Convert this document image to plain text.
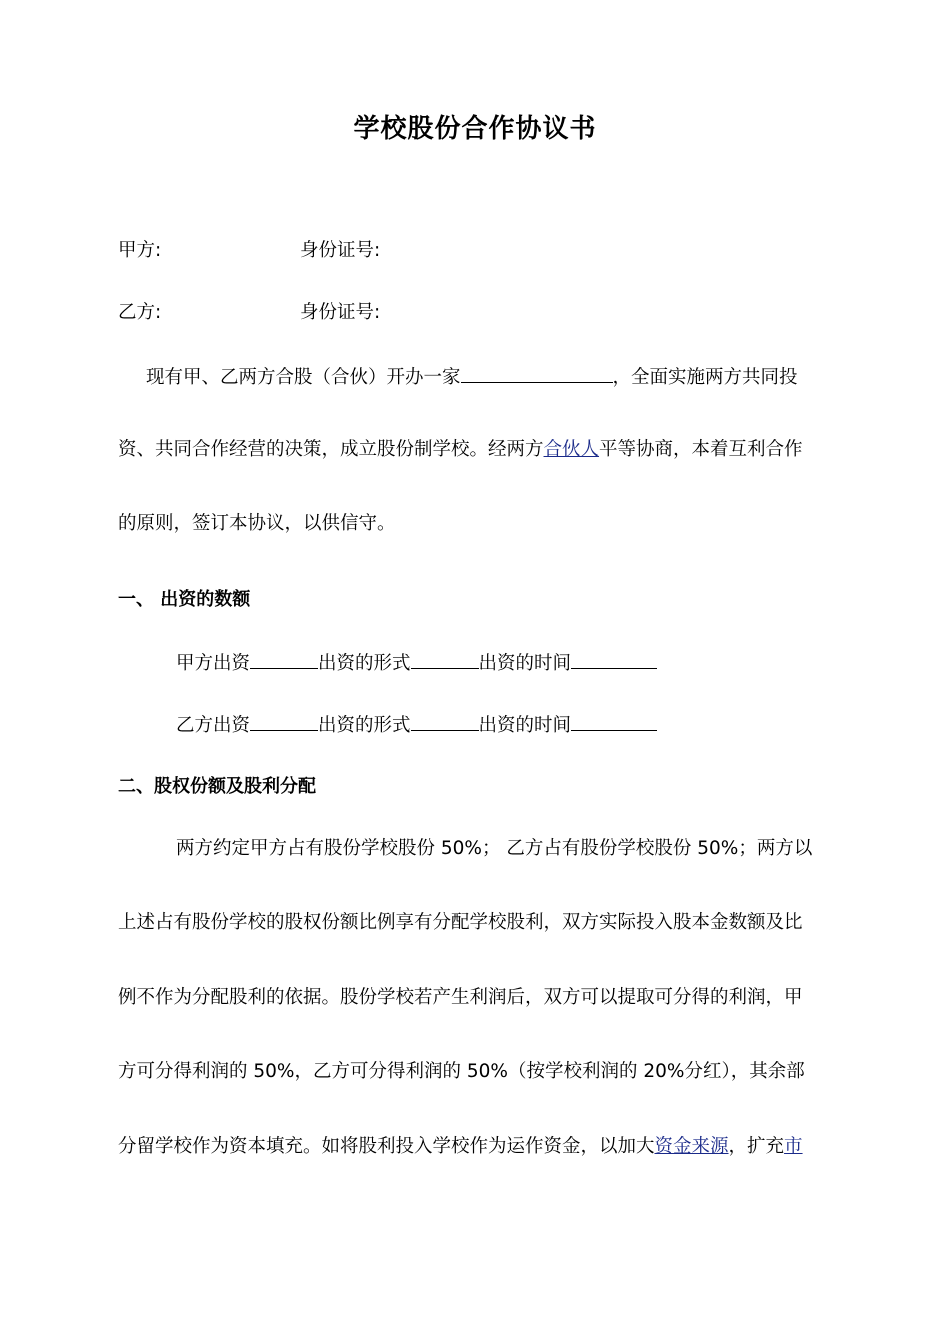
学校股份合作协议书
甲方:	身份证号:
乙方:	身份证号:
现有甲、乙两方合股（合伙）开办一家	，全面实施两方共同投
资、共同合作经营的决策，成立股份制学校。经两方合伙人平等协商，本着互利合作
的原则，签订本协议，以供信守。
一、 出资的数额
甲方出资	出资的形式	出资的时间
乙方出资	出资的形式	出资的时间
二、股权份额及股利分配
两方约定甲方占有股份学校股份 50%； 乙方占有股份学校股份 50%；两方以
上述占有股份学校的股权份额比例享有分配学校股利，双方实际投入股本金数额及比
例不作为分配股利的依据。股份学校若产生利润后，双方可以提取可分得的利润，甲
方可分得利润的 50%，乙方可分得利润的 50%（按学校利润的 20%分红），其余部
分留学校作为资本填充。如将股利投入学校作为运作资金，以加大资金来源，扩充市
